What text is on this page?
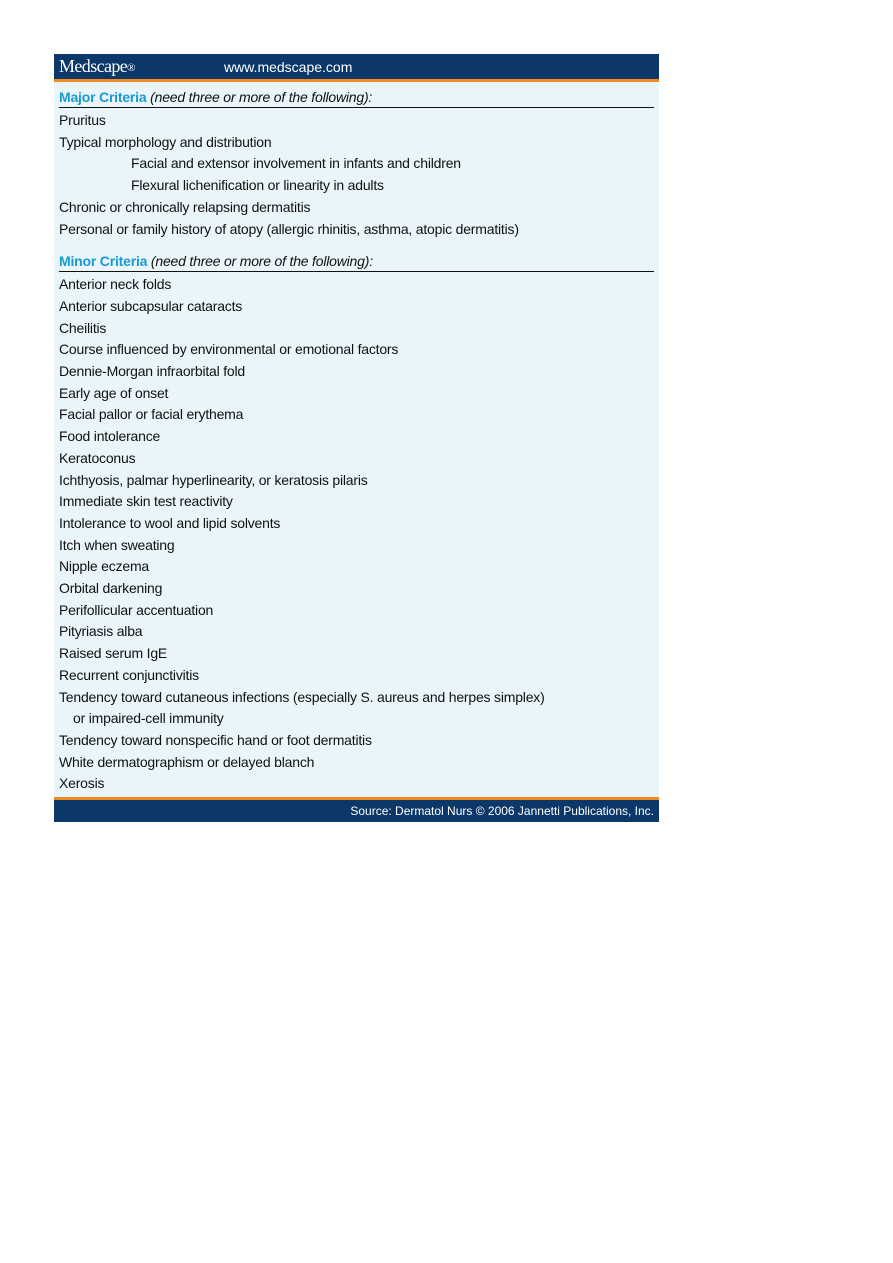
Medscape®	www.medscape.com
Major Criteria (need three or more of the following):
Pruritus
Typical morphology and distribution
Facial and extensor involvement in infants and children
Flexural lichenification or linearity in adults
Chronic or chronically relapsing dermatitis
Personal or family history of atopy (allergic rhinitis, asthma, atopic dermatitis)
Minor Criteria (need three or more of the following):
Anterior neck folds
Anterior subcapsular cataracts
Cheilitis
Course influenced by environmental or emotional factors
Dennie-Morgan infraorbital fold
Early age of onset
Facial pallor or facial erythema
Food intolerance
Keratoconus
Ichthyosis, palmar hyperlinearity, or keratosis pilaris
Immediate skin test reactivity
Intolerance to wool and lipid solvents
Itch when sweating
Nipple eczema
Orbital darkening
Perifollicular accentuation
Pityriasis alba
Raised serum IgE
Recurrent conjunctivitis
Tendency toward cutaneous infections (especially S. aureus and herpes simplex)
or impaired-cell immunity
Tendency toward nonspecific hand or foot dermatitis
White dermatographism or delayed blanch
Xerosis
Source: Dermatol Nurs © 2006 Jannetti Publications, Inc.
